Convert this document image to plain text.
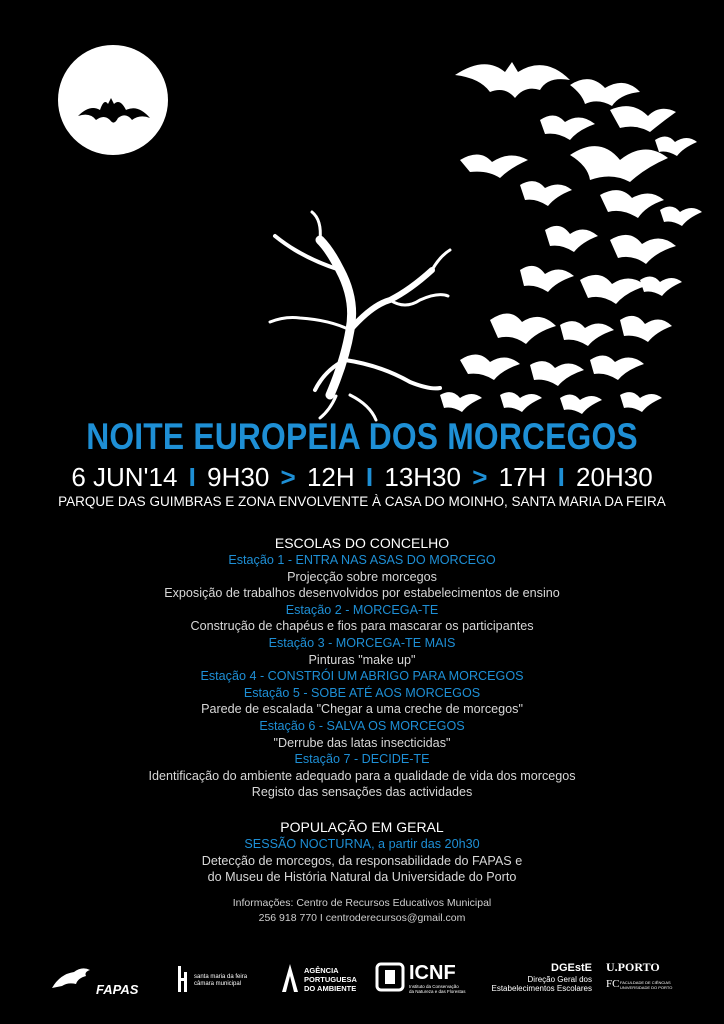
NOITE EUROPEIA DOS MORCEGOS
6 JUN'14 I 9H30 > 12H I 13H30 > 17H I 20H30
PARQUE DAS GUIMBRAS E ZONA ENVOLVENTE À CASA DO MOINHO, SANTA MARIA DA FEIRA
ESCOLAS DO CONCELHO
Estação 1 - ENTRA NAS ASAS DO MORCEGO
Projecção sobre morcegos
Exposição de trabalhos desenvolvidos por estabelecimentos de ensino
Estação 2 - MORCEGA-TE
Construção de chapéus e fios para mascarar os participantes
Estação 3 - MORCEGA-TE MAIS
Pinturas "make up"
Estação 4 - CONSTRÓI UM ABRIGO PARA MORCEGOS
Estação 5 - SOBE ATÉ AOS MORCEGOS
Parede de escalada "Chegar a uma creche de morcegos"
Estação 6 - SALVA OS MORCEGOS
"Derrube das latas insecticidas"
Estação 7 - DECIDE-TE
Identificação do ambiente adequado para a qualidade de vida dos morcegos
Registo das sensações das actividades
POPULAÇÃO EM GERAL
SESSÃO NOCTURNA, a partir das 20h30
Detecção de morcegos, da responsabilidade do FAPAS e
do Museu de História Natural da Universidade do Porto
Informações: Centro de Recursos Educativos Municipal
256 918 770 I centroderecursos@gmail.com
FAPAS
santa maria da feira
câmara municipal
AGÊNCIA
PORTUGUESA
DO AMBIENTE
ICNF
Instituto da Conservação
da Natureza e das Florestas
DGEstE
Direção Geral dos
Estabelecimentos Escolares
U.PORTO
FC FACULDADE DE CIÊNCIAS
UNIVERSIDADE DO PORTO
